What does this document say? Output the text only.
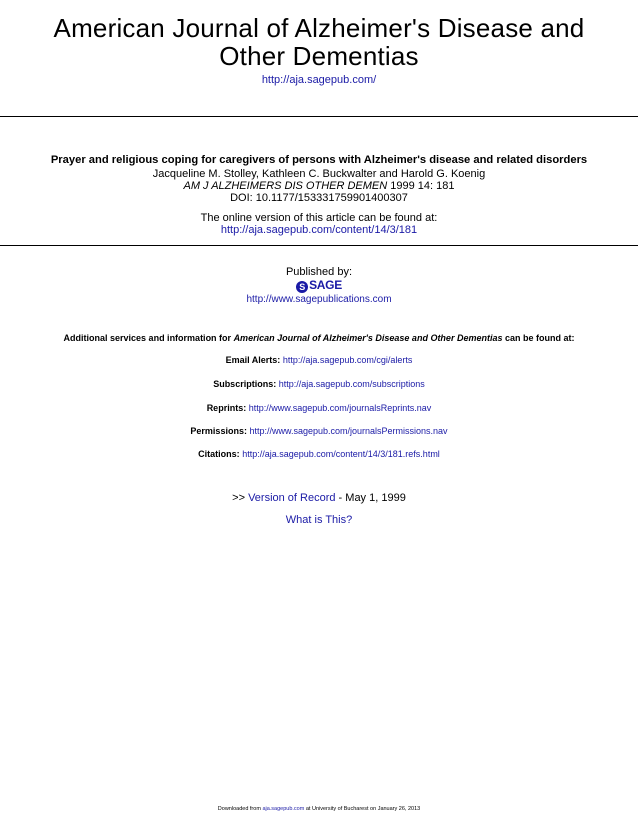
American Journal of Alzheimer's Disease and
Other Dementias
http://aja.sagepub.com/
Prayer and religious coping for caregivers of persons with Alzheimer's disease and related disorders
Jacqueline M. Stolley, Kathleen C. Buckwalter and Harold G. Koenig
AM J ALZHEIMERS DIS OTHER DEMEN 1999 14: 181
DOI: 10.1177/153331759901400307
The online version of this article can be found at:
http://aja.sagepub.com/content/14/3/181
Published by:
S SAGE
http://www.sagepublications.com
Additional services and information for American Journal of Alzheimer's Disease and Other Dementias can be found at:
Email Alerts: http://aja.sagepub.com/cgi/alerts
Subscriptions: http://aja.sagepub.com/subscriptions
Reprints: http://www.sagepub.com/journalsReprints.nav
Permissions: http://www.sagepub.com/journalsPermissions.nav
Citations: http://aja.sagepub.com/content/14/3/181.refs.html
>> Version of Record - May 1, 1999
What is This?
Downloaded from aja.sagepub.com at University of Bucharest on January 26, 2013
